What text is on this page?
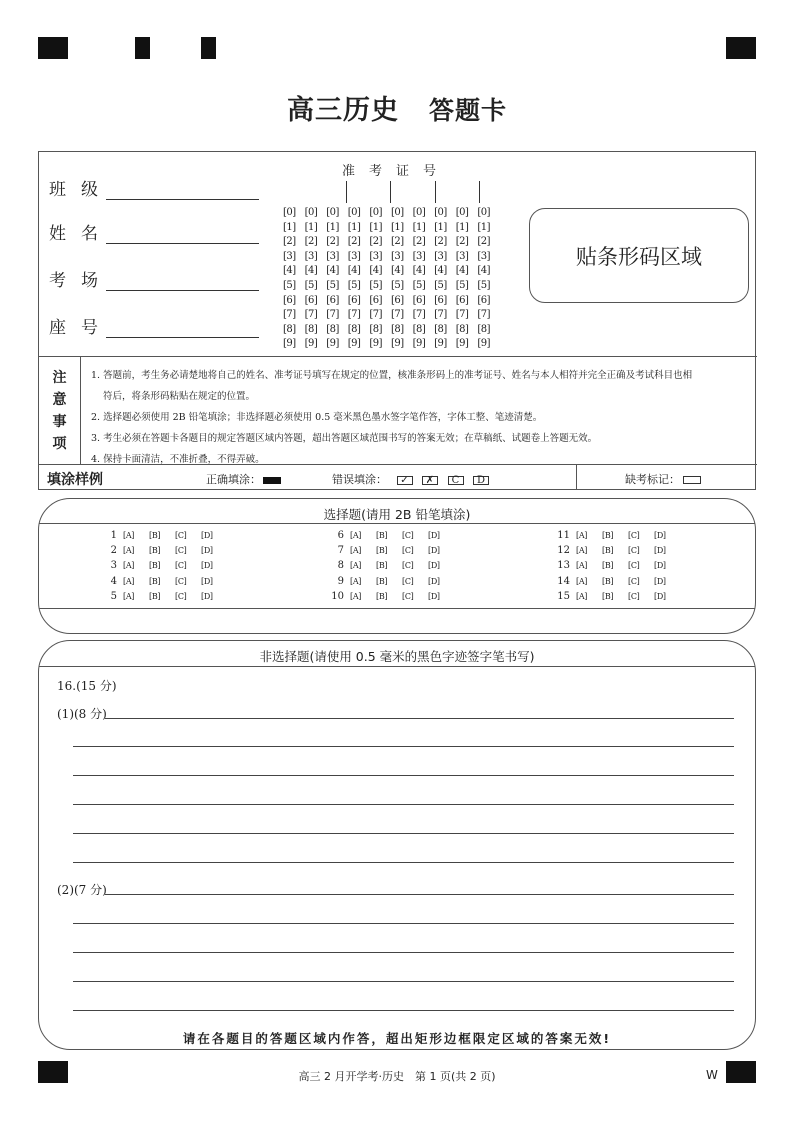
高三历史 答题卡
班级
姓名
考场
座号
准考证号
[0] [0] [0] [0] [0] [0] [0] [0] [0] [0]
[1] [1] [1] [1] [1] [1] [1] [1] [1] [1]
[2] [2] [2] [2] [2] [2] [2] [2] [2] [2]
[3] [3] [3] [3] [3] [3] [3] [3] [3] [3]
[4] [4] [4] [4] [4] [4] [4] [4] [4] [4]
[5] [5] [5] [5] [5] [5] [5] [5] [5] [5]
[6] [6] [6] [6] [6] [6] [6] [6] [6] [6]
[7] [7] [7] [7] [7] [7] [7] [7] [7] [7]
[8] [8] [8] [8] [8] [8] [8] [8] [8] [8]
[9] [9] [9] [9] [9] [9] [9] [9] [9] [9]
贴条形码区域
注
意
事
项
1. 答题前，考生务必请楚地将自己的姓名、准考证号填写在规定的位置，核准条形码上的准考证号、姓名与本人相符并完全正确及考试科目也相
符后，将条形码粘贴在规定的位置。
2. 选择题必须使用 2B 铅笔填涂；非选择题必须使用 0.5 毫米黑色墨水签字笔作答，字体工整、笔迹清楚。
3. 考生必须在答题卡各题目的规定答题区域内答题，超出答题区域范围书写的答案无效；在草稿纸、试题卷上答题无效。
4. 保持卡面清洁，不准折叠，不得弄破。
填涂样例	正确填涂：	错误填涂： ✓ ✗ C D	缺考标记：
选择题(请用 2B 铅笔填涂)
1 [A] [B] [C] [D]
2 [A] [B] [C] [D]
3 [A] [B] [C] [D]
4 [A] [B] [C] [D]
5 [A] [B] [C] [D]
6 [A] [B] [C] [D]
7 [A] [B] [C] [D]
8 [A] [B] [C] [D]
9 [A] [B] [C] [D]
10 [A] [B] [C] [D]
11 [A] [B] [C] [D]
12 [A] [B] [C] [D]
13 [A] [B] [C] [D]
14 [A] [B] [C] [D]
15 [A] [B] [C] [D]
非选择题(请使用 0.5 毫米的黑色字迹签字笔书写)
16.(15 分)
(1)(8 分)
(2)(7 分)
请在各题目的答题区域内作答，超出矩形边框限定区域的答案无效!
高三 2 月开学考·历史　第 1 页(共 2 页)	W
